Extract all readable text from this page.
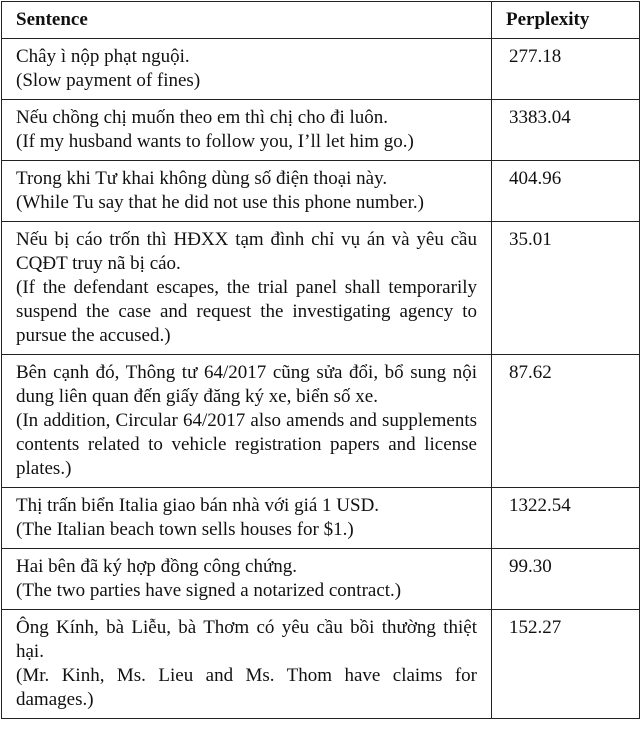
Sentence	Perplexity

Chây ì nộp phạt nguội.
(Slow payment of fines)	277.18

Nếu chồng chị muốn theo em thì chị cho đi luôn.
(If my husband wants to follow you, I’ll let him go.)	3383.04

Trong khi Tư khai không dùng số điện thoại này.
(While Tu say that he did not use this phone number.)	404.96

Nếu bị cáo trốn thì HĐXX tạm đình chỉ vụ án và yêu cầu CQĐT truy nã bị cáo.
(If the defendant escapes, the trial panel shall temporarily suspend the case and request the investigating agency to pursue the accused.)	35.01

Bên cạnh đó, Thông tư 64/2017 cũng sửa đổi, bổ sung nội dung liên quan đến giấy đăng ký xe, biển số xe.
(In addition, Circular 64/2017 also amends and supplements contents related to vehicle registration papers and license plates.)	87.62

Thị trấn biển Italia giao bán nhà với giá 1 USD.
(The Italian beach town sells houses for $1.)	1322.54

Hai bên đã ký hợp đồng công chứng.
(The two parties have signed a notarized contract.)	99.30

Ông Kính, bà Liễu, bà Thơm có yêu cầu bồi thường thiệt hại.
(Mr. Kinh, Ms. Lieu and Ms. Thom have claims for damages.)	152.27
